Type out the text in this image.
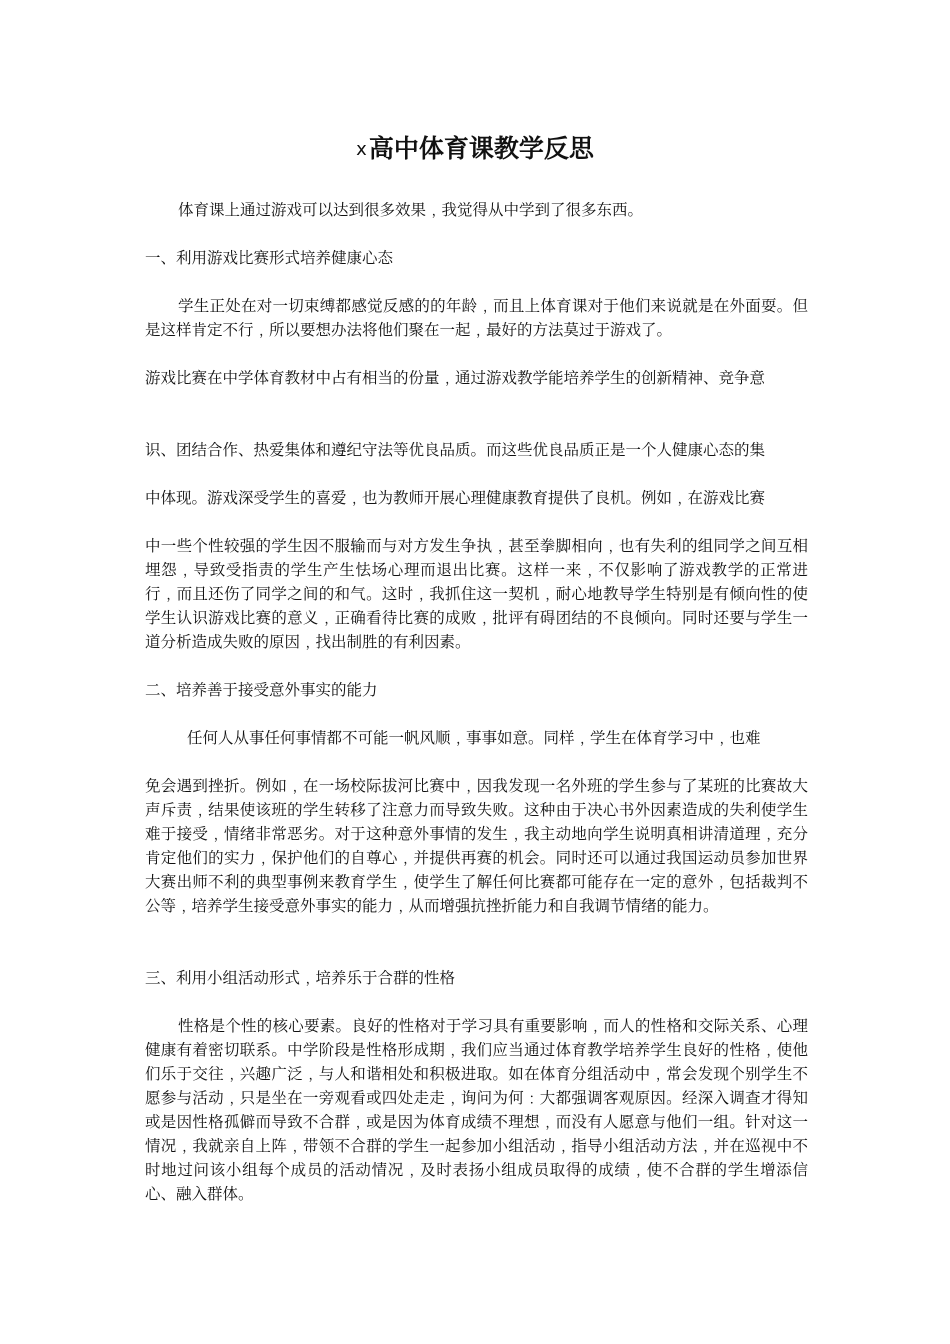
ⅹ高中体育课教学反思

体育课上通过游戏可以达到很多效果﹐我觉得从中学到了很多东西。

一、利用游戏比赛形式培养健康心态

学生正处在对一切束缚都感觉反感的的年龄﹐而且上体育课对于他们来说就是在外面耍。但是这样肯定不行﹐所以要想办法将他们聚在一起﹐最好的方法莫过于游戏了。

游戏比赛在中学体育教材中占有相当的份量﹐通过游戏教学能培养学生的创新精神、竞争意

识、团结合作、热爱集体和遵纪守法等优良品质。而这些优良品质正是一个人健康心态的集

中体现。游戏深受学生的喜爱﹐也为教师开展心理健康教育提供了良机。例如﹐在游戏比赛

中一些个性较强的学生因不服输而与对方发生争执﹐甚至拳脚相向﹐也有失利的组同学之间互相埋怨﹐导致受指责的学生产生怯场心理而退出比赛。这样一来﹐不仅影响了游戏教学的正常进行﹐而且还伤了同学之间的和气。这时﹐我抓住这一契机﹐耐心地教导学生特别是有倾向性的使学生认识游戏比赛的意义﹐正确看待比赛的成败﹐批评有碍团结的不良倾向。同时还要与学生一道分析造成失败的原因﹐找出制胜的有利因素。

二、培养善于接受意外事实的能力

任何人从事任何事情都不可能一帆风顺﹐事事如意。同样﹐学生在体育学习中﹐也难

免会遇到挫折。例如﹐在一场校际拔河比赛中﹐因我发现一名外班的学生参与了某班的比赛故大声斥责﹐结果使该班的学生转移了注意力而导致失败。这种由于决心书外因素造成的失利使学生难于接受﹐情绪非常恶劣。对于这种意外事情的发生﹐我主动地向学生说明真相讲清道理﹐充分肯定他们的实力﹐保护他们的自尊心﹐并提供再赛的机会。同时还可以通过我国运动员参加世界大赛出师不利的典型事例来教育学生﹐使学生了解任何比赛都可能存在一定的意外﹐包括裁判不公等﹐培养学生接受意外事实的能力﹐从而增强抗挫折能力和自我调节情绪的能力。

三、利用小组活动形式﹐培养乐于合群的性格

性格是个性的核心要素。良好的性格对于学习具有重要影响﹐而人的性格和交际关系、心理健康有着密切联系。中学阶段是性格形成期﹐我们应当通过体育教学培养学生良好的性格﹐使他们乐于交往﹐兴趣广泛﹐与人和谐相处和积极进取。如在体育分组活动中﹐常会发现个别学生不愿参与活动﹐只是坐在一旁观看或四处走走﹐询问为何﹕大都强调客观原因。经深入调查才得知或是因性格孤僻而导致不合群﹐或是因为体育成绩不理想﹐而没有人愿意与他们一组。针对这一情况﹐我就亲自上阵﹐带领不合群的学生一起参加小组活动﹐指导小组活动方法﹐并在巡视中不时地过问该小组每个成员的活动情况﹐及时表扬小组成员取得的成绩﹐使不合群的学生增添信心、融入群体。
